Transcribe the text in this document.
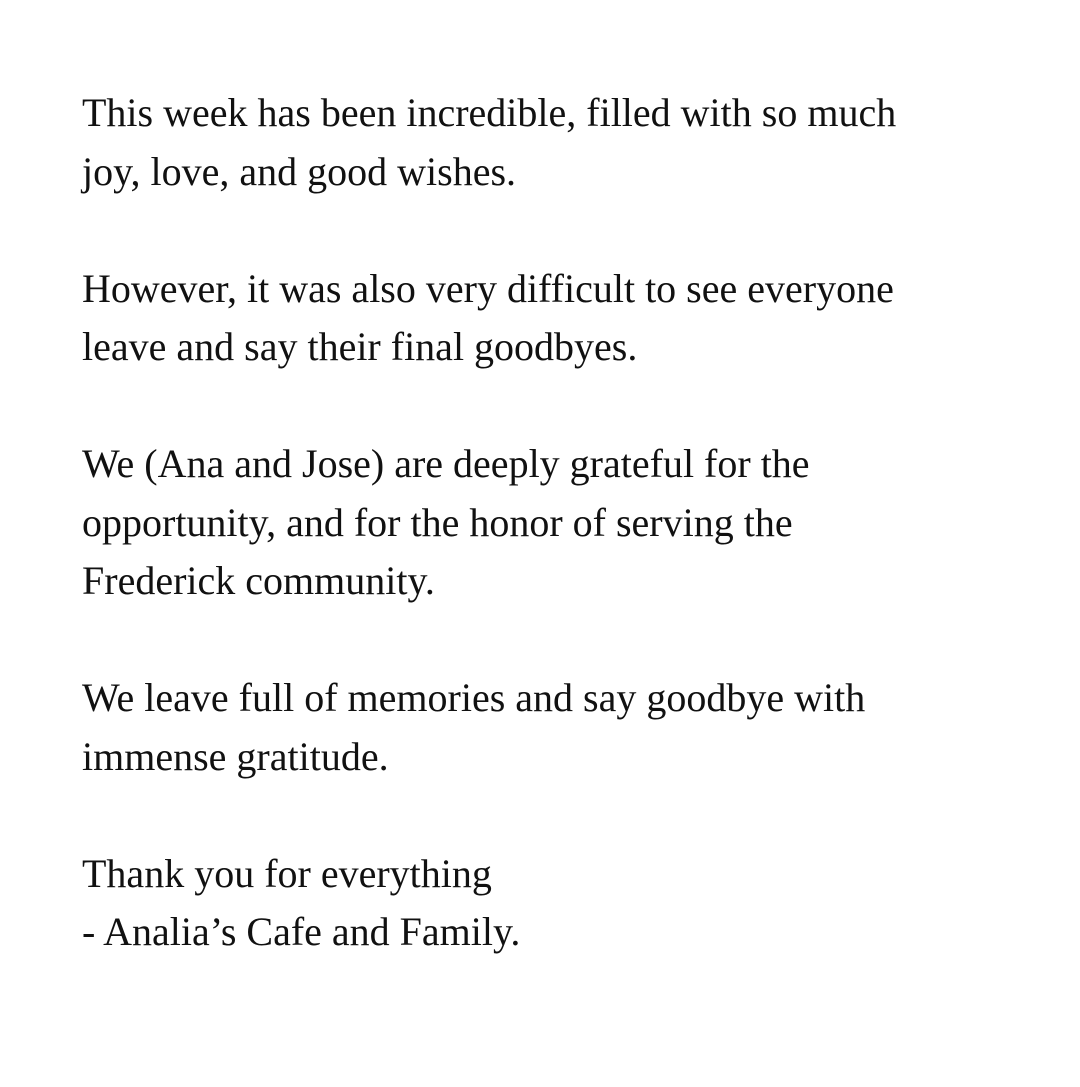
This week has been incredible, filled with so much
joy, love, and good wishes.

However, it was also very difficult to see everyone
leave and say their final goodbyes.

We (Ana and Jose) are deeply grateful for the
opportunity, and for the honor of serving the
Frederick community.

We leave full of memories and say goodbye with
immense gratitude.

Thank you for everything
- Analia’s Cafe and Family.
